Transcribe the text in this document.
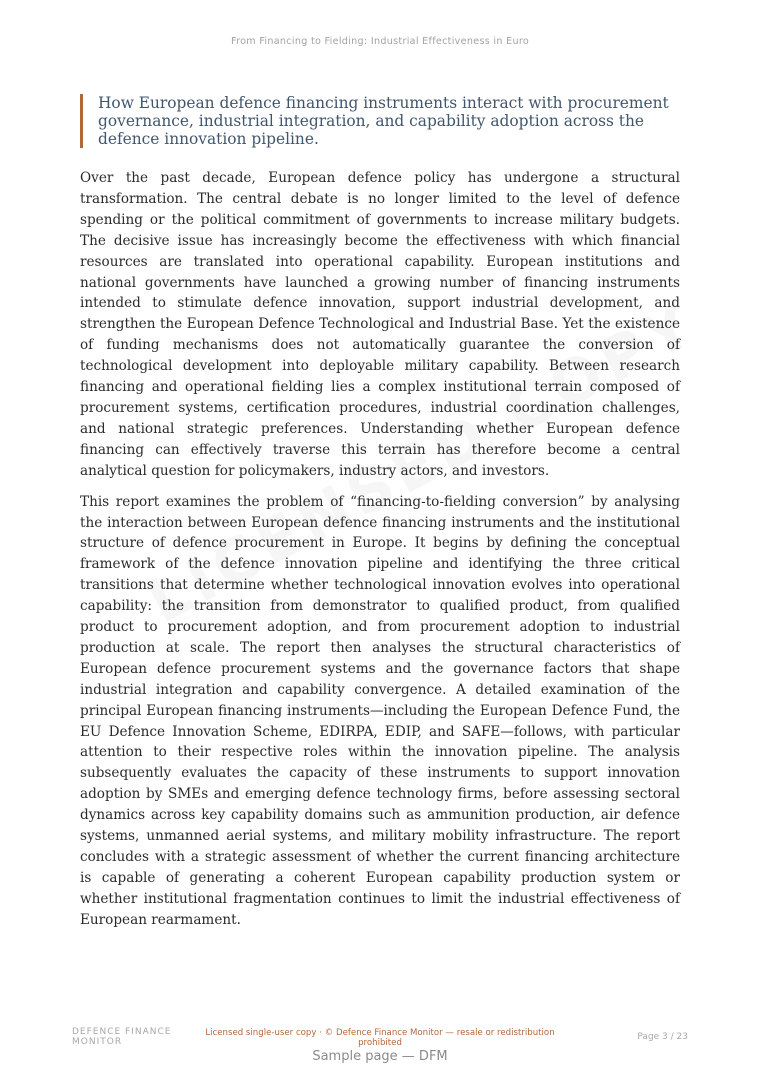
From Financing to Fielding: Industrial Effectiveness in Euro
How European defence financing instruments interact with procurement governance, industrial integration, and capability adoption across the defence innovation pipeline.

Over the past decade, European defence policy has undergone a structural transformation. The central debate is no longer limited to the level of defence spending or the political commitment of governments to increase military budgets. The decisive issue has increasingly become the effectiveness with which financial resources are translated into operational capability. European institutions and national governments have launched a growing number of financing instruments intended to stimulate defence innovation, support industrial development, and strengthen the European Defence Technological and Industrial Base. Yet the existence of funding mechanisms does not automatically guarantee the conversion of technological development into deployable military capability. Between research financing and operational fielding lies a complex institutional terrain composed of procurement systems, certification procedures, industrial coordination challenges, and national strategic preferences. Understanding whether European defence financing can effectively traverse this terrain has therefore become a central analytical question for policymakers, industry actors, and investors.

This report examines the problem of “financing-to-fielding conversion” by analysing the interaction between European defence financing instruments and the institutional structure of defence procurement in Europe. It begins by defining the conceptual framework of the defence innovation pipeline and identifying the three critical transitions that determine whether technological innovation evolves into operational capability: the transition from demonstrator to qualified product, from qualified product to procurement adoption, and from procurement adoption to industrial production at scale. The report then analyses the structural characteristics of European defence procurement systems and the governance factors that shape industrial integration and capability convergence. A detailed examination of the principal European financing instruments—including the European Defence Fund, the EU Defence Innovation Scheme, EDIRPA, EDIP, and SAFE—follows, with particular attention to their respective roles within the innovation pipeline. The analysis subsequently evaluates the capacity of these instruments to support innovation adoption by SMEs and emerging defence technology firms, before assessing sectoral dynamics across key capability domains such as ammunition production, air defence systems, unmanned aerial systems, and military mobility infrastructure. The report concludes with a strategic assessment of whether the current financing architecture is capable of generating a coherent European capability production system or whether institutional fragmentation continues to limit the industrial effectiveness of European rearmament.

DEFENCE FINANCE
MONITOR
Licensed single-user copy · © Defence Finance Monitor — resale or redistribution prohibited
Page 3 / 23
Sample page — DFM
